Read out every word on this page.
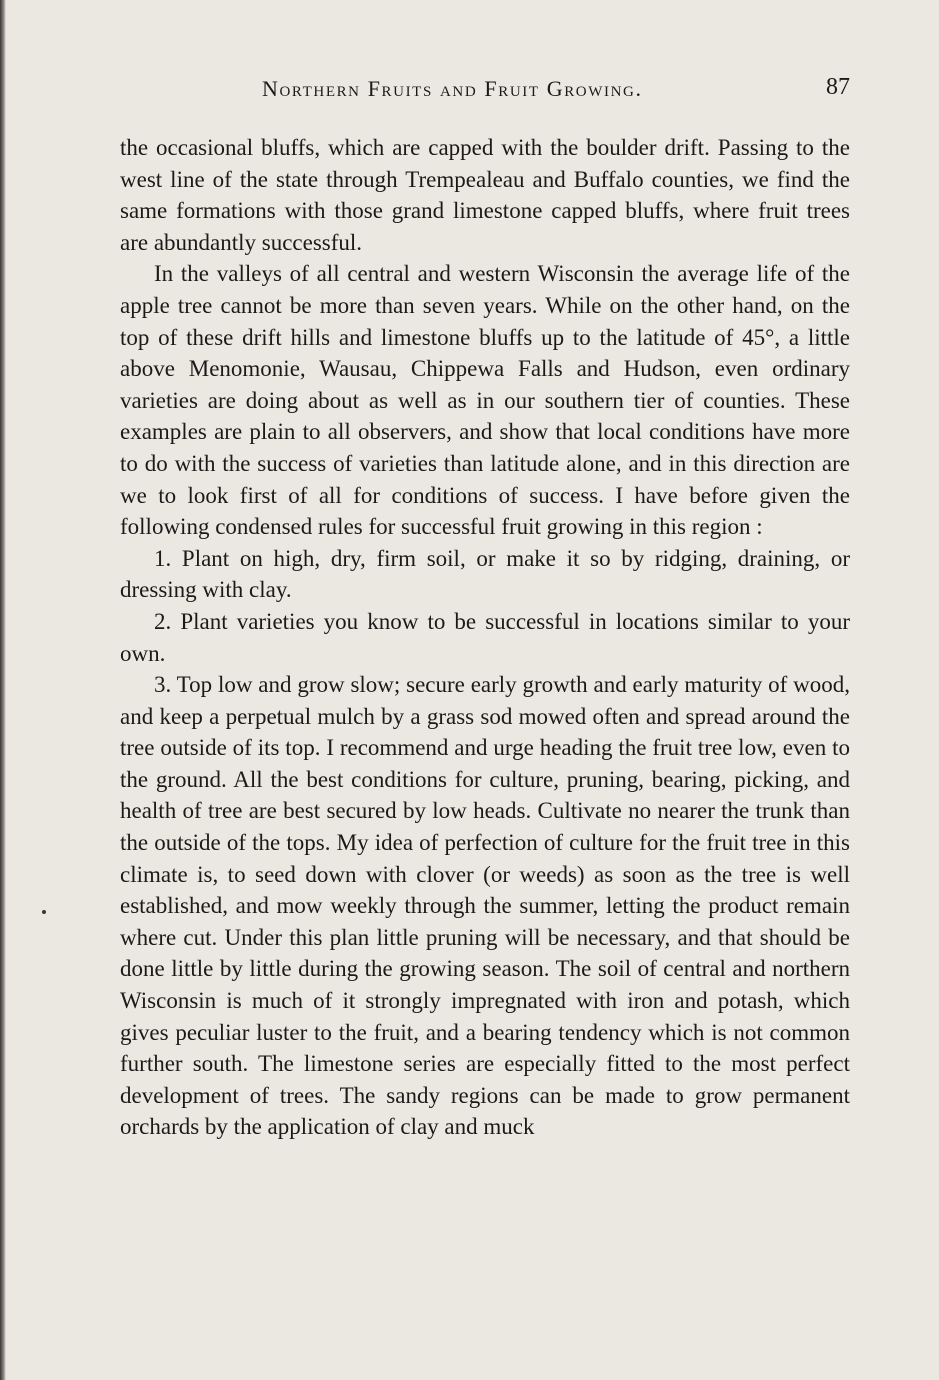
Northern Fruits and Fruit Growing.	87

the occasional bluffs, which are capped with the boulder drift. Passing to the west line of the state through Trempealeau and Buffalo counties, we find the same formations with those grand limestone capped bluffs, where fruit trees are abundantly successful.

In the valleys of all central and western Wisconsin the average life of the apple tree cannot be more than seven years. While on the other hand, on the top of these drift hills and limestone bluffs up to the latitude of 45°, a little above Menomonie, Wausau, Chippewa Falls and Hudson, even ordinary varieties are doing about as well as in our southern tier of counties. These examples are plain to all observers, and show that local conditions have more to do with the success of varieties than latitude alone, and in this direction are we to look first of all for conditions of success. I have before given the following condensed rules for successful fruit growing in this region :

1. Plant on high, dry, firm soil, or make it so by ridging, draining, or dressing with clay.

2. Plant varieties you know to be successful in locations similar to your own.

3. Top low and grow slow; secure early growth and early maturity of wood, and keep a perpetual mulch by a grass sod mowed often and spread around the tree outside of its top. I recommend and urge heading the fruit tree low, even to the ground. All the best conditions for culture, pruning, bearing, picking, and health of tree are best secured by low heads. Cultivate no nearer the trunk than the outside of the tops. My idea of perfection of culture for the fruit tree in this climate is, to seed down with clover (or weeds) as soon as the tree is well established, and mow weekly through the summer, letting the product remain where cut. Under this plan little pruning will be necessary, and that should be done little by little during the growing season. The soil of central and northern Wisconsin is much of it strongly impregnated with iron and potash, which gives peculiar luster to the fruit, and a bearing tendency which is not common further south. The limestone series are especially fitted to the most perfect development of trees. The sandy regions can be made to grow permanent orchards by the application of clay and muck
